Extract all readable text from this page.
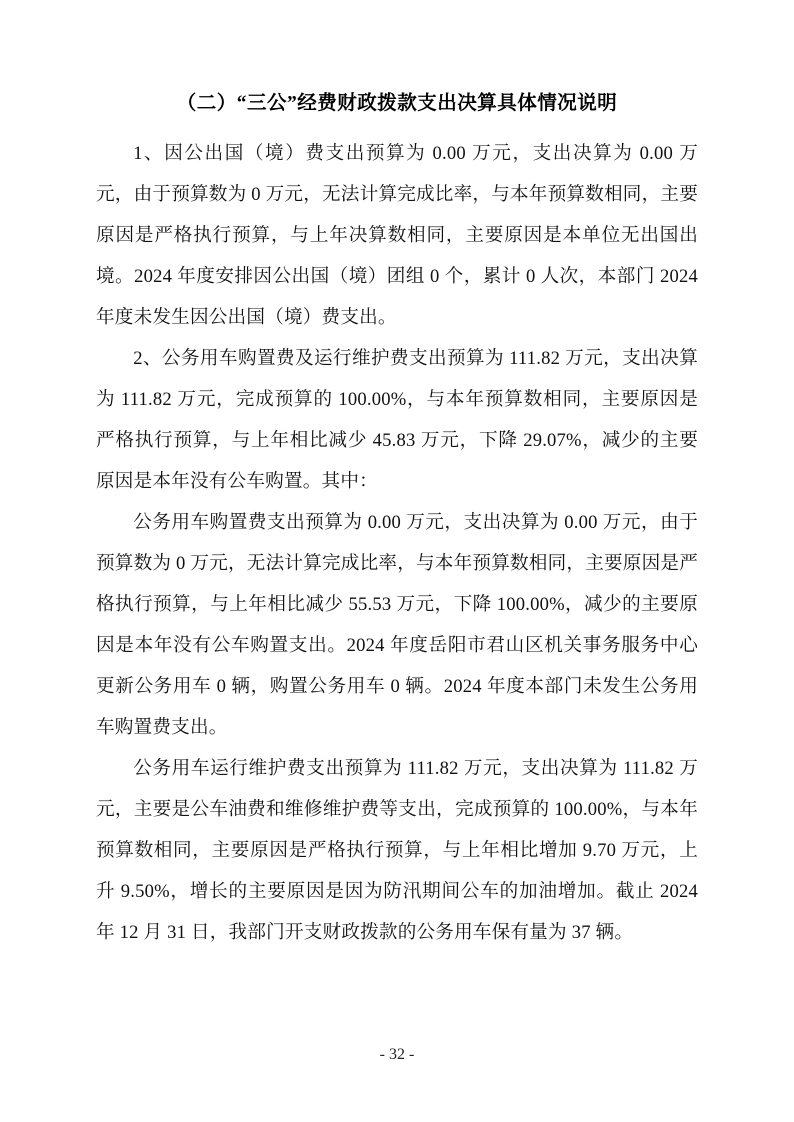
（二）“三公”经费财政拨款支出决算具体情况说明

1、因公出国（境）费支出预算为 0.00 万元，支出决算为 0.00 万元，由于预算数为 0 万元，无法计算完成比率，与本年预算数相同，主要原因是严格执行预算，与上年决算数相同，主要原因是本单位无出国出境。2024 年度安排因公出国（境）团组 0 个，累计 0 人次，本部门 2024 年度未发生因公出国（境）费支出。

2、公务用车购置费及运行维护费支出预算为 111.82 万元，支出决算为 111.82 万元，完成预算的 100.00%，与本年预算数相同，主要原因是严格执行预算，与上年相比减少 45.83 万元，下降 29.07%，减少的主要原因是本年没有公车购置。其中：

公务用车购置费支出预算为 0.00 万元，支出决算为 0.00 万元，由于预算数为 0 万元，无法计算完成比率，与本年预算数相同，主要原因是严格执行预算，与上年相比减少 55.53 万元，下降 100.00%，减少的主要原因是本年没有公车购置支出。2024 年度岳阳市君山区机关事务服务中心更新公务用车 0 辆，购置公务用车 0 辆。2024 年度本部门未发生公务用车购置费支出。

公务用车运行维护费支出预算为 111.82 万元，支出决算为 111.82 万元，主要是公车油费和维修维护费等支出，完成预算的 100.00%，与本年预算数相同，主要原因是严格执行预算，与上年相比增加 9.70 万元，上升 9.50%，增长的主要原因是因为防汛期间公车的加油增加。截止 2024 年 12 月 31 日，我部门开支财政拨款的公务用车保有量为 37 辆。

- 32 -
